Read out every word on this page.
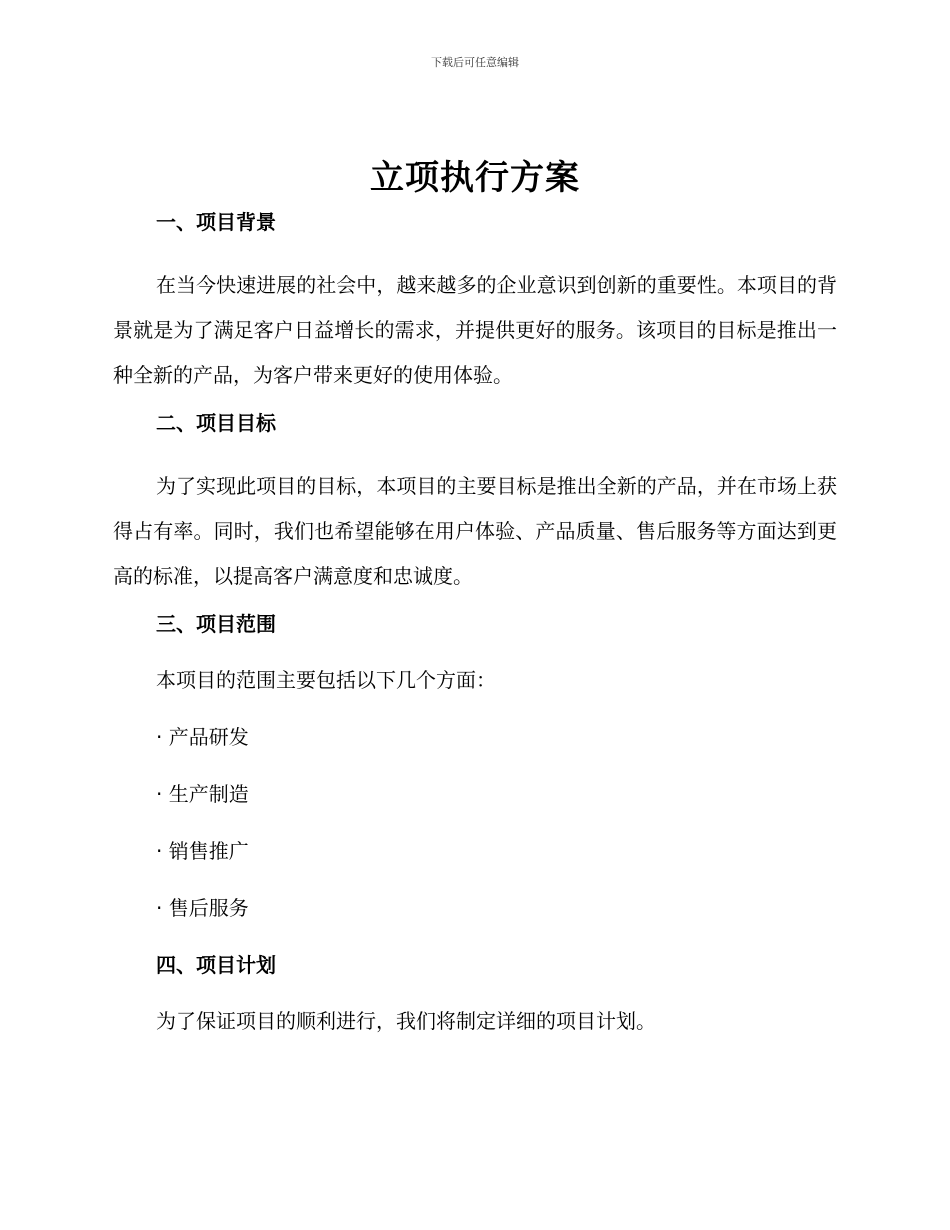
下载后可任意编辑
立项执行方案
一、项目背景
在当今快速进展的社会中，越来越多的企业意识到创新的重要性。本项目的背景就是为了满足客户日益增长的需求，并提供更好的服务。该项目的目标是推出一种全新的产品，为客户带来更好的使用体验。
二、项目目标
为了实现此项目的目标，本项目的主要目标是推出全新的产品，并在市场上获得占有率。同时，我们也希望能够在用户体验、产品质量、售后服务等方面达到更高的标准，以提高客户满意度和忠诚度。
三、项目范围
本项目的范围主要包括以下几个方面：
· 产品研发
· 生产制造
· 销售推广
· 售后服务
四、项目计划
为了保证项目的顺利进行，我们将制定详细的项目计划。
